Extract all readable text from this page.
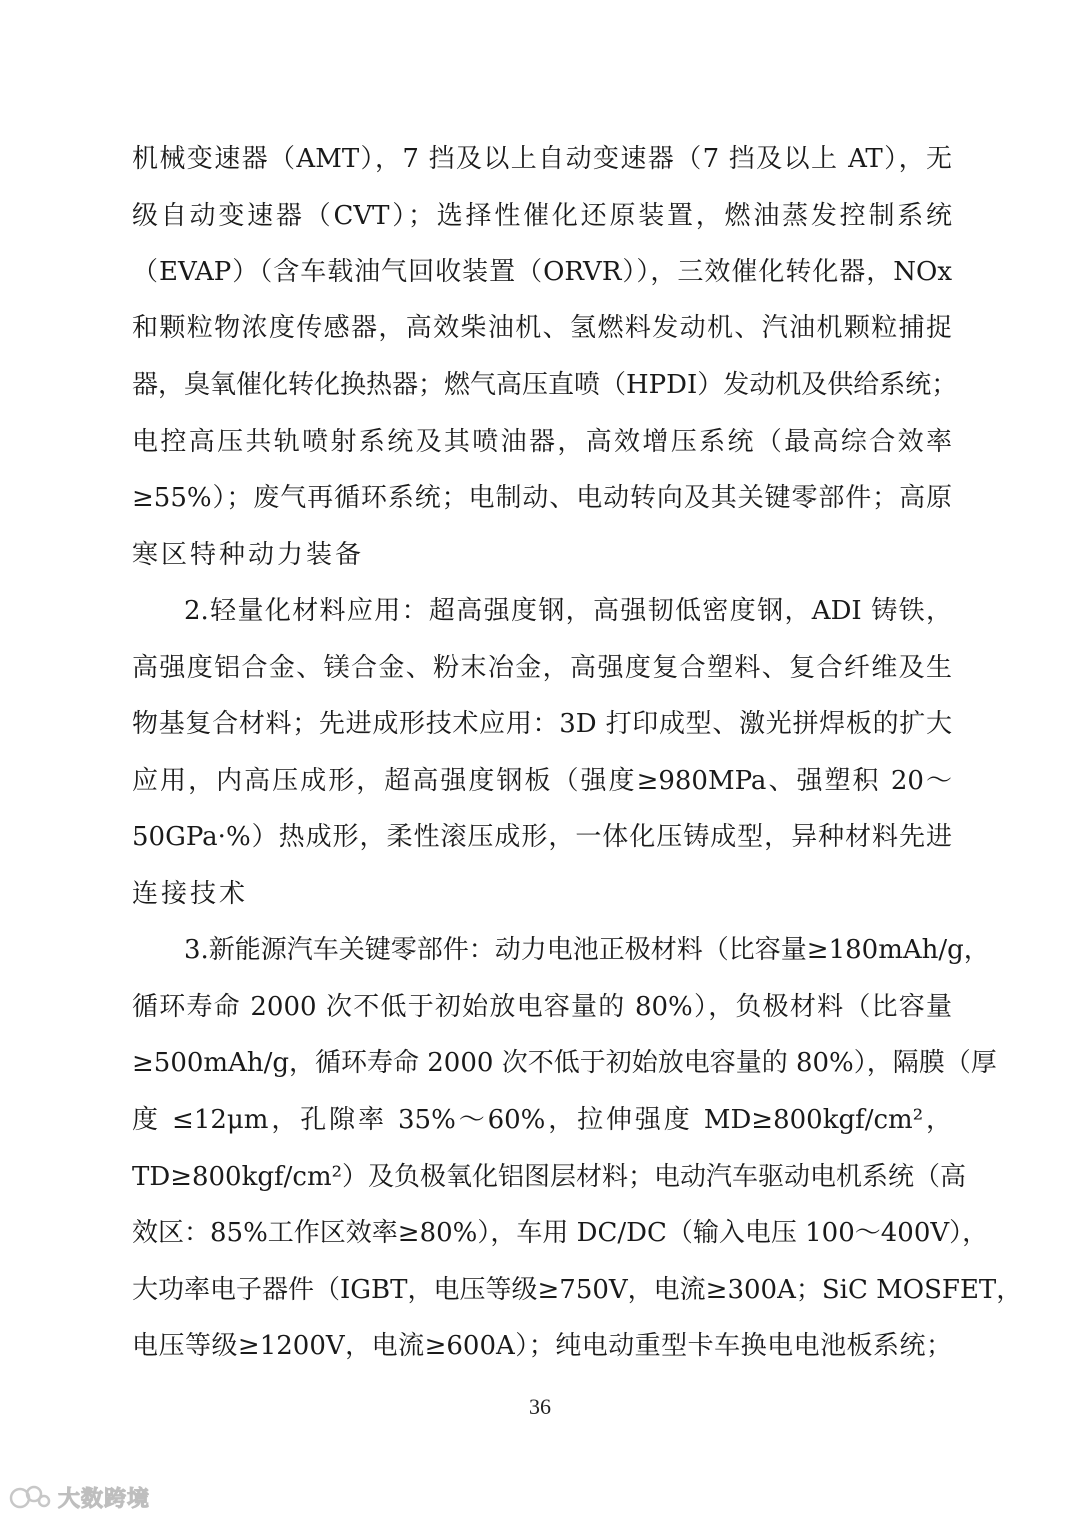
机械变速器（AMT），7 挡及以上自动变速器（7 挡及以上 AT），无
级自动变速器（CVT）；选择性催化还原装置，燃油蒸发控制系统
（EVAP）（含车载油气回收装置（ORVR）），三效催化转化器，NOx
和颗粒物浓度传感器，高效柴油机、氢燃料发动机、汽油机颗粒捕捉
器，臭氧催化转化换热器；燃气高压直喷（HPDI）发动机及供给系统；
电控高压共轨喷射系统及其喷油器，高效增压系统（最高综合效率
≥55%）；废气再循环系统；电制动、电动转向及其关键零部件；高原
寒区特种动力装备
2.轻量化材料应用：超高强度钢，高强韧低密度钢，ADI 铸铁，
高强度铝合金、镁合金、粉末冶金，高强度复合塑料、复合纤维及生
物基复合材料；先进成形技术应用：3D 打印成型、激光拼焊板的扩大
应用，内高压成形，超高强度钢板（强度≥980MPa、强塑积 20～
50GPa·%）热成形，柔性滚压成形，一体化压铸成型，异种材料先进
连接技术
3.新能源汽车关键零部件：动力电池正极材料（比容量≥180mAh/g，
循环寿命 2000 次不低于初始放电容量的 80%），负极材料（比容量
≥500mAh/g，循环寿命 2000 次不低于初始放电容量的 80%），隔膜（厚
度 ≤12μm，孔隙率 35%～60%，拉伸强度 MD≥800kgf/cm²，
TD≥800kgf/cm²）及负极氧化铝图层材料；电动汽车驱动电机系统（高
效区：85%工作区效率≥80%），车用 DC/DC（输入电压 100～400V），
大功率电子器件（IGBT，电压等级≥750V，电流≥300A；SiC MOSFET，
电压等级≥1200V，电流≥600A）；纯电动重型卡车换电电池板系统；
36
大数跨境
